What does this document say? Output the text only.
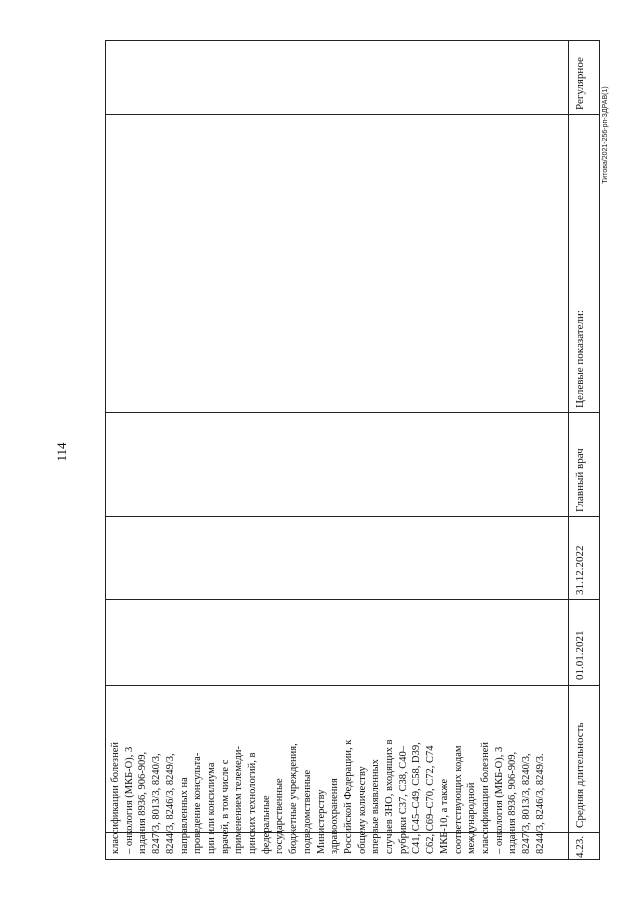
114
Титова/2021-256-рп-ЗДРАВ(1)
классификации болезней – онкология (МКБ-О), 3 издания 8936, 906-909, 8247/3, 8013/3, 8240/3, 8244/3, 8246/3, 8249/3, направленных на проведение консульта- ции или консилиума врачей, в том числе с применением телемеди- цинских технологий, в федеральные государственные бюджетные учреждения, подведомственные Министерству здравоохранения Российской Федерации, к общему количеству впервые выявленных случаев ЗНО, входящих в рубрики С37, С38, С40– С41, С45–С49, С58, D39, С62, С69–С70, С72, С74 МКБ-10, а также соответствующих кодам международной классификации болезней – онкология (МКБ-О), 3 издания 8936, 906-909, 8247/3, 8013/3, 8240/3, 8244/3, 8246/3, 8249/3.	4.23.
Средняя длительность
01.01.2021
31.12.2022
Главный врач
Целевые показатели:
Регулярное
